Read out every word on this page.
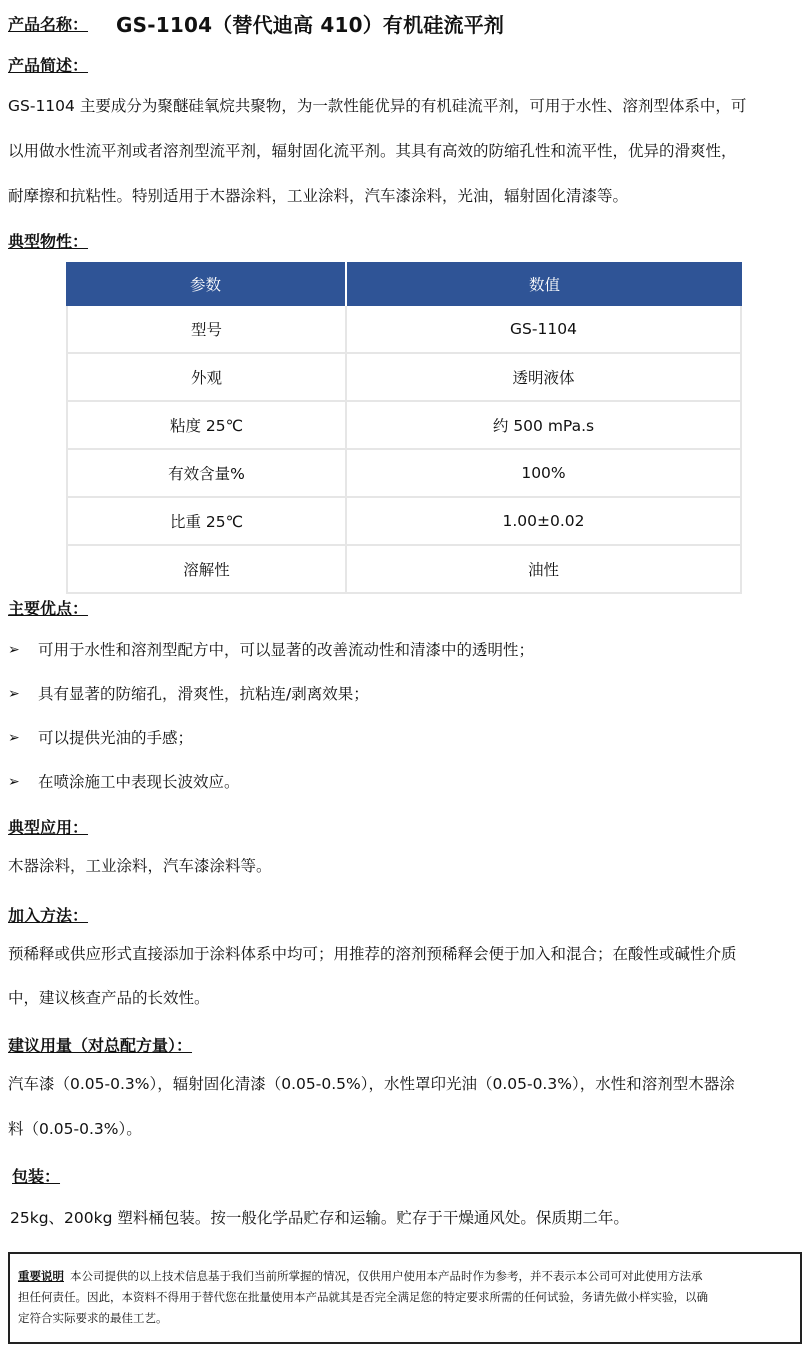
产品名称：	GS-1104（替代迪高 410）有机硅流平剂
产品简述：

GS-1104 主要成分为聚醚硅氧烷共聚物，为一款性能优异的有机硅流平剂，可用于水性、溶剂型体系中，可

以用做水性流平剂或者溶剂型流平剂，辐射固化流平剂。其具有高效的防缩孔性和流平性，优异的滑爽性，

耐摩擦和抗粘性。特别适用于木器涂料，工业涂料，汽车漆涂料，光油，辐射固化清漆等。

典型物性：
参数	数值
型号	GS-1104
外观	透明液体
粘度 25℃	约 500 mPa.s
有效含量%	100%
比重 25℃	1.00±0.02
溶解性	油性
主要优点：
➢	可用于水性和溶剂型配方中，可以显著的改善流动性和清漆中的透明性；
➢	具有显著的防缩孔，滑爽性，抗粘连/剥离效果；
➢	可以提供光油的手感；
➢	在喷涂施工中表现长波效应。
典型应用：

木器涂料，工业涂料，汽车漆涂料等。

加入方法：

预稀释或供应形式直接添加于涂料体系中均可；用推荐的溶剂预稀释会便于加入和混合；在酸性或碱性介质

中，建议核查产品的长效性。

建议用量（对总配方量）：

汽车漆（0.05-0.3%），辐射固化清漆（0.05-0.5%），水性罩印光油（0.05-0.3%），水性和溶剂型木器涂

料（0.05-0.3%）。

包装：

25kg、200kg 塑料桶包装。按一般化学品贮存和运输。贮存于干燥通风处。保质期二年。

重要说明 本公司提供的以上技术信息基于我们当前所掌握的情况，仅供用户使用本产品时作为参考，并不表示本公司可对此使用方法承
担任何责任。因此，本资料不得用于替代您在批量使用本产品就其是否完全满足您的特定要求所需的任何试验，务请先做小样实验，以确
定符合实际要求的最佳工艺。
